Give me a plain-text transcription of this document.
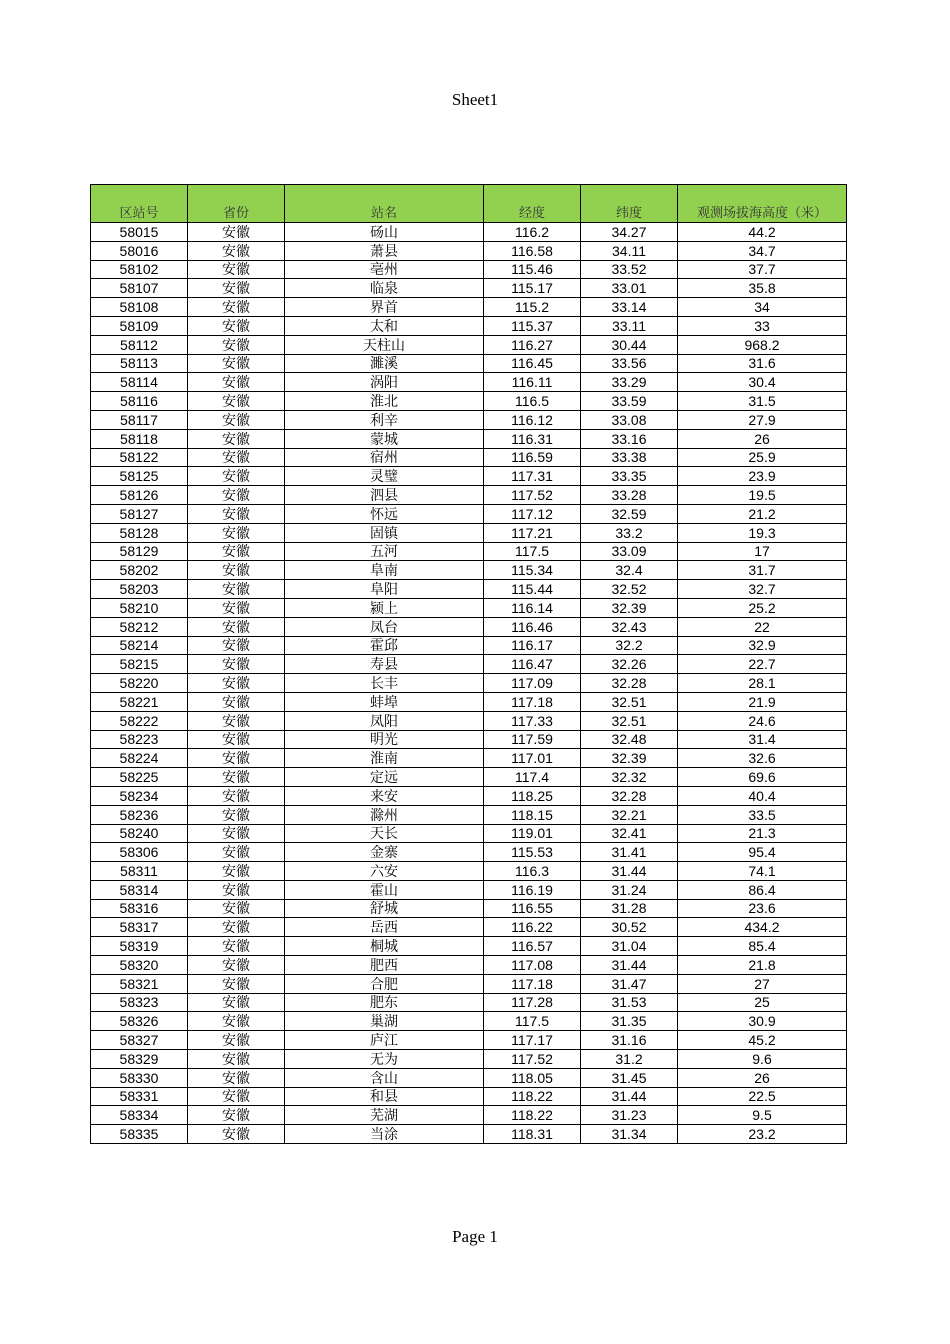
Sheet1
区站号	省份	站名	经度	纬度	观测场拔海高度（米）
58015	安徽	砀山	116.2	34.27	44.2
58016	安徽	萧县	116.58	34.11	34.7
58102	安徽	亳州	115.46	33.52	37.7
58107	安徽	临泉	115.17	33.01	35.8
58108	安徽	界首	115.2	33.14	34
58109	安徽	太和	115.37	33.11	33
58112	安徽	天柱山	116.27	30.44	968.2
58113	安徽	濉溪	116.45	33.56	31.6
58114	安徽	涡阳	116.11	33.29	30.4
58116	安徽	淮北	116.5	33.59	31.5
58117	安徽	利辛	116.12	33.08	27.9
58118	安徽	蒙城	116.31	33.16	26
58122	安徽	宿州	116.59	33.38	25.9
58125	安徽	灵璧	117.31	33.35	23.9
58126	安徽	泗县	117.52	33.28	19.5
58127	安徽	怀远	117.12	32.59	21.2
58128	安徽	固镇	117.21	33.2	19.3
58129	安徽	五河	117.5	33.09	17
58202	安徽	阜南	115.34	32.4	31.7
58203	安徽	阜阳	115.44	32.52	32.7
58210	安徽	颍上	116.14	32.39	25.2
58212	安徽	凤台	116.46	32.43	22
58214	安徽	霍邱	116.17	32.2	32.9
58215	安徽	寿县	116.47	32.26	22.7
58220	安徽	长丰	117.09	32.28	28.1
58221	安徽	蚌埠	117.18	32.51	21.9
58222	安徽	凤阳	117.33	32.51	24.6
58223	安徽	明光	117.59	32.48	31.4
58224	安徽	淮南	117.01	32.39	32.6
58225	安徽	定远	117.4	32.32	69.6
58234	安徽	来安	118.25	32.28	40.4
58236	安徽	滁州	118.15	32.21	33.5
58240	安徽	天长	119.01	32.41	21.3
58306	安徽	金寨	115.53	31.41	95.4
58311	安徽	六安	116.3	31.44	74.1
58314	安徽	霍山	116.19	31.24	86.4
58316	安徽	舒城	116.55	31.28	23.6
58317	安徽	岳西	116.22	30.52	434.2
58319	安徽	桐城	116.57	31.04	85.4
58320	安徽	肥西	117.08	31.44	21.8
58321	安徽	合肥	117.18	31.47	27
58323	安徽	肥东	117.28	31.53	25
58326	安徽	巢湖	117.5	31.35	30.9
58327	安徽	庐江	117.17	31.16	45.2
58329	安徽	无为	117.52	31.2	9.6
58330	安徽	含山	118.05	31.45	26
58331	安徽	和县	118.22	31.44	22.5
58334	安徽	芜湖	118.22	31.23	9.5
58335	安徽	当涂	118.31	31.34	23.2
Page 1
